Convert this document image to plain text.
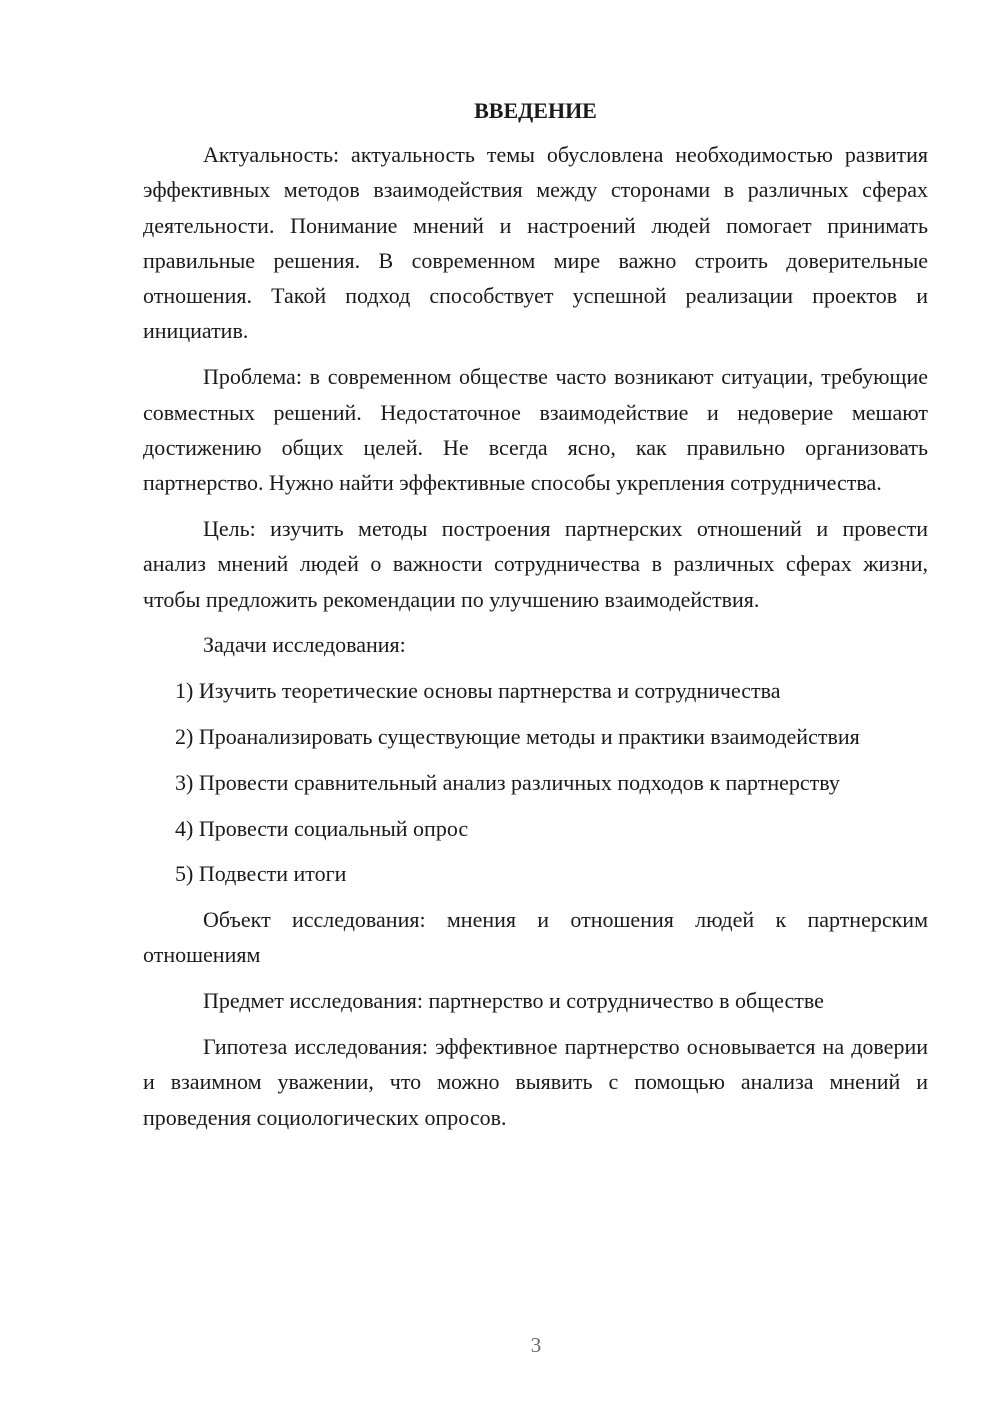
ВВЕДЕНИЕ

Актуальность: актуальность темы обусловлена необходимостью развития эффективных методов взаимодействия между сторонами в различных сферах деятельности. Понимание мнений и настроений людей помогает принимать правильные решения. В современном мире важно строить доверительные отношения. Такой подход способствует успешной реализации проектов и инициатив.

Проблема: в современном обществе часто возникают ситуации, требующие совместных решений. Недостаточное взаимодействие и недоверие мешают достижению общих целей. Не всегда ясно, как правильно организовать партнерство. Нужно найти эффективные способы укрепления сотрудничества.

Цель: изучить методы построения партнерских отношений и провести анализ мнений людей о важности сотрудничества в различных сферах жизни, чтобы предложить рекомендации по улучшению взаимодействия.

Задачи исследования:

1) Изучить теоретические основы партнерства и сотрудничества

2) Проанализировать существующие методы и практики взаимодействия

3) Провести сравнительный анализ различных подходов к партнерству

4) Провести социальный опрос

5) Подвести итоги

Объект исследования: мнения и отношения людей к партнерским отношениям

Предмет исследования: партнерство и сотрудничество в обществе

Гипотеза исследования: эффективное партнерство основывается на доверии и взаимном уважении, что можно выявить с помощью анализа мнений и проведения социологических опросов.

3
